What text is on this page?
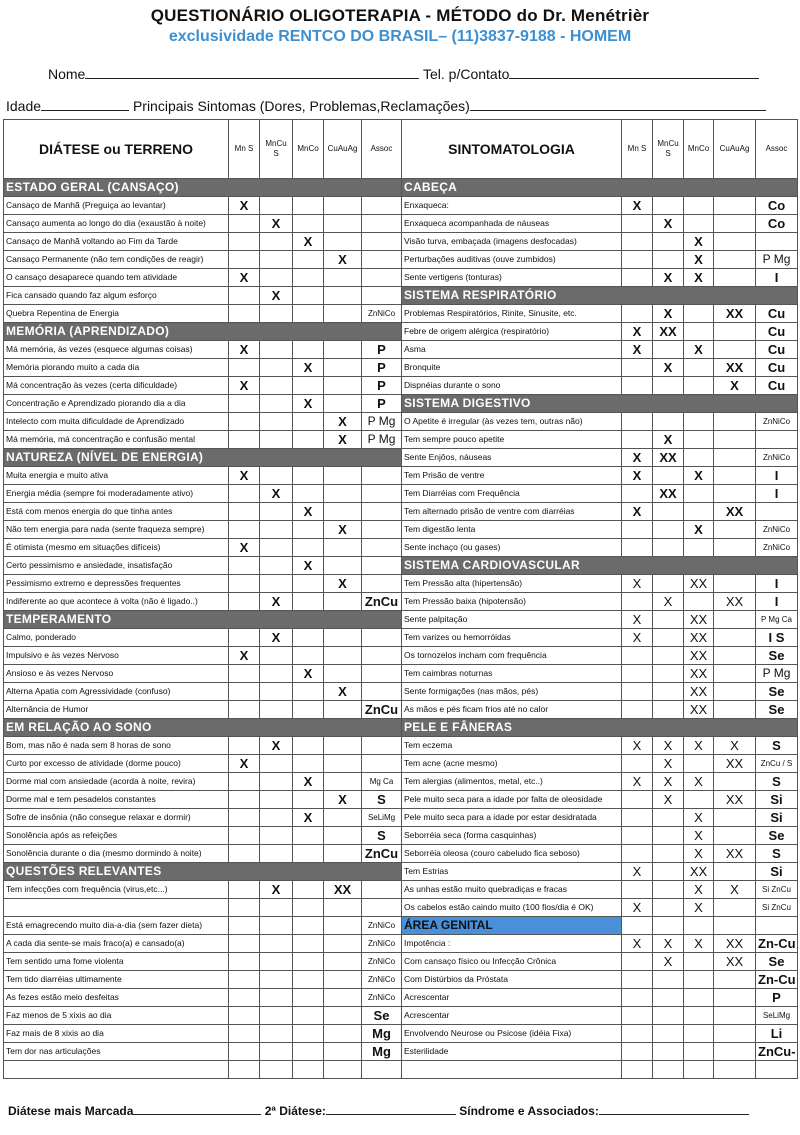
QUESTIONÁRIO OLIGOTERAPIA - MÉTODO do Dr. Menétrièr
exclusividade RENTCO DO BRASIL– (11)3837-9188 - HOMEM
Nome	Tel. p/Contato
Idade	Principais Sintomas (Dores, Problemas,Reclamações)
DIÁTESE ou TERRENO	Mn S	MnCu S	MnCo	CuAuAg	Assoc	SINTOMATOLOGIA	Mn S	MnCu S	MnCo	CuAuAg	Assoc
ESTADO GERAL (CANSAÇO)						CABEÇA					
Cansaço de Manhã (Preguiça ao levantar)	X					Enxaqueca:	X				Co
Cansaço aumenta ao longo do dia (exaustão à noite)		X				Enxaqueca acompanhada de náuseas		X			Co
Cansaço de Manhã voltando ao Fim da Tarde			X			Visão turva, embaçada (imagens desfocadas)			X		
Cansaço Permanente (não tem condições de reagir)				X		Perturbações auditivas (ouve zumbidos)			X		P Mg
O cansaço desaparece quando tem atividade	X					Sente vertigens (tonturas)		X	X		I
Fica cansado quando faz algum esforço		X				SISTEMA RESPIRATÓRIO					
Quebra Repentina de Energia					ZnNiCo	Problemas Respiratórios, Rinite, Sinusite, etc.		X		XX	Cu
MEMÓRIA (APRENDIZADO)						Febre de origem alérgica (respiratório)	X	XX			Cu
Má memória, às vezes (esquece algumas coisas)	X				P	Asma	X		X		Cu
Memória piorando muito a cada dia			X		P	Bronquite		X		XX	Cu
Má concentração às vezes (certa dificuldade)	X				P	Dispnéias durante o sono				X	Cu
Concentração e Aprendizado piorando dia a dia			X		P	SISTEMA DIGESTIVO					
Intelecto com muita dificuldade de Aprendizado				X	P Mg	O Apetite é irregular (às vezes tem, outras não)					ZnNiCo
Má memória, má concentração e confusão mental				X	P Mg	Tem sempre pouco apetite		X			
NATUREZA (NÍVEL DE ENERGIA)						Sente Enjôos, náuseas	X	XX			ZnNiCo
Muita energia e muito ativa	X					Tem Prisão de ventre	X		X		I
Energia média (sempre foi moderadamente ativo)		X				Tem Diarréias com Frequência		XX			I
Está com menos energia do que tinha antes			X			Tem alternado prisão de ventre com diarréias	X			XX	
Não tem energia para nada (sente fraqueza sempre)				X		Tem digestão lenta			X		ZnNiCo
É otimista (mesmo em situações difíceis)	X					Sente inchaço (ou gases)					ZnNiCo
Certo pessimismo e ansiedade, insatisfação			X			SISTEMA CARDIOVASCULAR					
Pessimismo extremo e depressões frequentes				X		Tem Pressão alta (hipertensão)	X		XX		I
Indiferente ao que acontece à volta (não é ligado..)		X			ZnCu	Tem Pressão baixa (hipotensão)		X		XX	I
TEMPERAMENTO						Sente palpitação	X		XX		P Mg Ca
Calmo, ponderado		X				Tem varizes ou hemorróidas	X		XX		I S
Impulsivo e às vezes Nervoso	X					Os tornozelos incham com frequência			XX		Se
Ansioso e às vezes Nervoso			X			Tem caimbras noturnas			XX		P Mg
Alterna Apatia com Agressividade (confuso)				X		Sente formigações (nas mãos, pés)			XX		Se
Alternância de Humor					ZnCu	As mãos e pés ficam frios até no calor			XX		Se
EM RELAÇÃO AO SONO						PELE E FÂNERAS					
Bom, mas não é nada sem 8 horas de sono		X				Tem eczema	X	X	X	X	S
Curto por excesso de atividade (dorme pouco)	X					Tem acne (acne mesmo)		X		XX	ZnCu / S
Dorme mal com ansiedade (acorda à noite, revira)			X		Mg Ca	Tem alergias (alimentos, metal, etc..)	X	X	X		S
Dorme mal e tem pesadelos constantes				X	S	Pele muito seca para a idade por falta de oleosidade		X		XX	Si
Sofre de insônia (não consegue relaxar e dormir)			X		SeLiMg	Pele muito seca para a idade por estar desidratada			X		Si
Sonolência após as refeições					S	Seborréia seca (forma casquinhas)			X		Se
Sonolência durante o dia (mesmo dormindo à noite)					ZnCu	Seborréia oleosa (couro cabeludo fica seboso)			X	XX	S
QUESTÕES RELEVANTES						Tem Estrias	X		XX		Si
Tem infecções com frequência (virus,etc...)		X		XX		As unhas estão muito quebradiças e fracas			X	X	Si ZnCu
						Os cabelos estão caindo muito (100 fios/dia é OK)	X		X		Si ZnCu
Está emagrecendo muito dia-a-dia (sem fazer dieta)					ZnNiCo	ÁREA GENITAL					
A cada dia sente-se mais fraco(a) e cansado(a)					ZnNiCo	Impotência :	X	X	X	XX	Zn-Cu
Tem sentido uma fome violenta					ZnNiCo	Com cansaço físico ou Infecção Crônica		X		XX	Se
Tem tido diarréias ultimamente					ZnNiCo	Com Distúrbios da Próstata					Zn-Cu
As fezes estão meio desfeitas					ZnNiCo	Acrescentar					P
Faz menos de 5 xixis ao dia					Se	Acrescentar					SeLiMg
Faz mais de 8 xixis ao dia					Mg	Envolvendo Neurose ou Psicose (idéia Fixa)					Li
Tem dor nas articulações					Mg	Esterilidade					ZnCu-

Diátese mais Marcada	2ª Diátese:	Síndrome e Associados:
